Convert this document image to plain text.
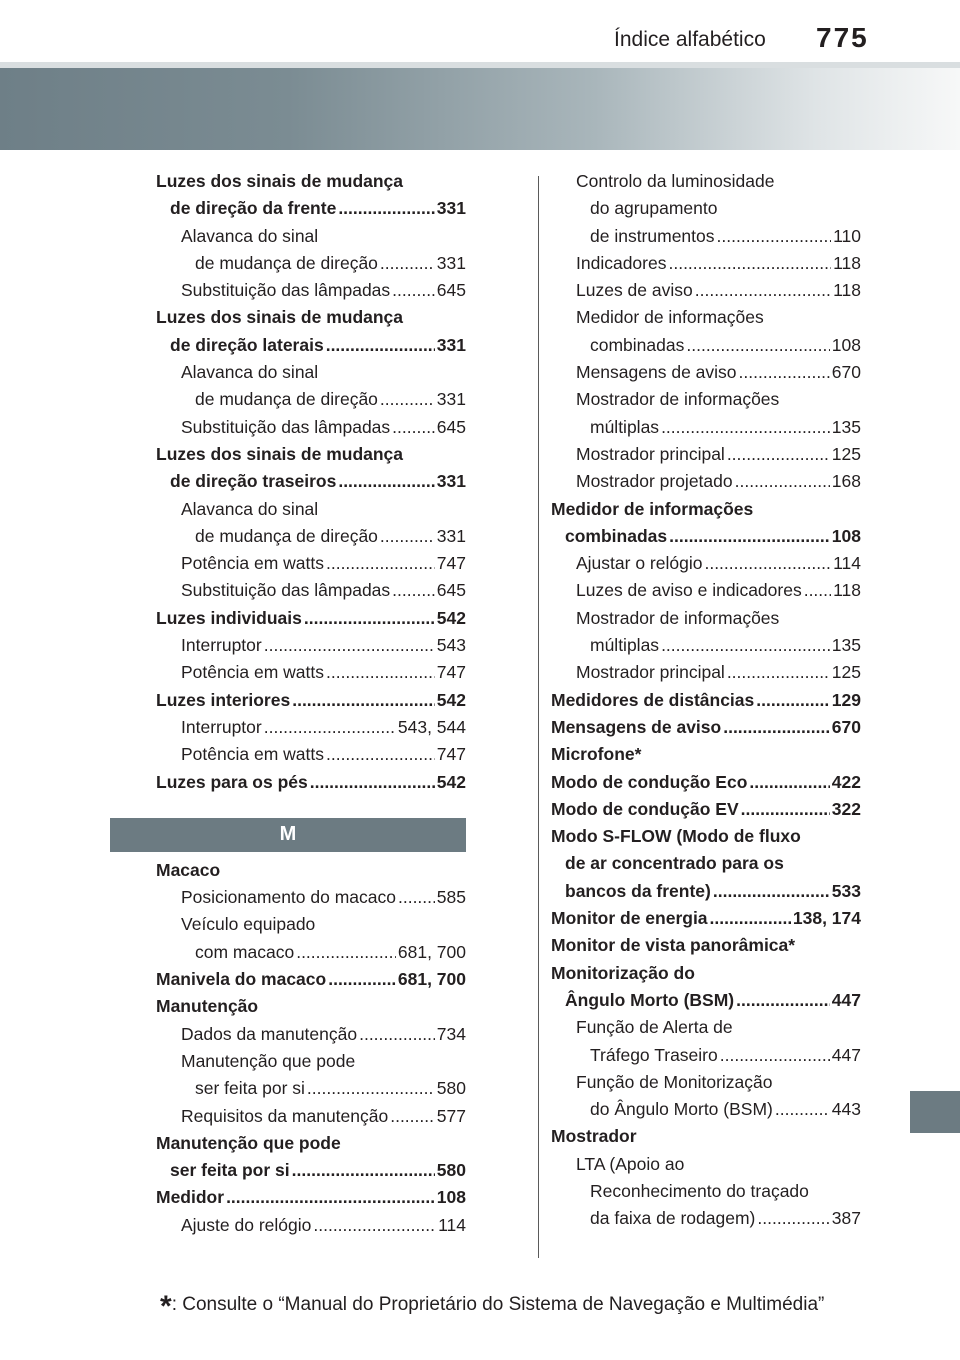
Índice alfabético 775
Luzes dos sinais de mudança
de direção da frente .....	331
Alavanca do sinal
de mudança de direção .....	331
Substituição das lâmpadas .....	645
Luzes dos sinais de mudança
de direção laterais .....	331
Alavanca do sinal
de mudança de direção .....	331
Substituição das lâmpadas .....	645
Luzes dos sinais de mudança
de direção traseiros .....	331
Alavanca do sinal
de mudança de direção .....	331
Potência em watts .....	747
Substituição das lâmpadas .....	645
Luzes individuais .....	542
Interruptor .....	543
Potência em watts .....	747
Luzes interiores .....	542
Interruptor .....	543, 544
Potência em watts .....	747
Luzes para os pés .....	542
M
Macaco
Posicionamento do macaco ..... 585
Veículo equipado
com macaco .....	681, 700
Manivela do macaco .....	681, 700
Manutenção
Dados da manutenção .....	734
Manutenção que pode
ser feita por si .....	580
Requisitos da manutenção .....	577
Manutenção que pode
ser feita por si .....	580
Medidor .....	108
Ajuste do relógio .....	114
Controlo da luminosidade
do agrupamento
de instrumentos .....	110
Indicadores .....	118
Luzes de aviso .....	118
Medidor de informações
combinadas .....	108
Mensagens de aviso .....	670
Mostrador de informações
múltiplas .....	135
Mostrador principal .....	125
Mostrador projetado .....	168
Medidor de informações
combinadas .....	108
Ajustar o relógio .....	114
Luzes de aviso e indicadores ..... 118
Mostrador de informações
múltiplas .....	135
Mostrador principal .....	125
Medidores de distâncias .....	129
Mensagens de aviso .....	670
Microfone*
Modo de condução Eco .....	422
Modo de condução EV .....	322
Modo S-FLOW (Modo de fluxo
de ar concentrado para os
bancos da frente) .....	533
Monitor de energia .....	138, 174
Monitor de vista panorâmica*
Monitorização do
Ângulo Morto (BSM) .....	447
Função de Alerta de
Tráfego Traseiro .....	447
Função de Monitorização
do Ângulo Morto (BSM) .....	443
Mostrador
LTA (Apoio ao
Reconhecimento do traçado
da faixa de rodagem) .....	387
*: Consulte o “Manual do Proprietário do Sistema de Navegação e Multimédia”
